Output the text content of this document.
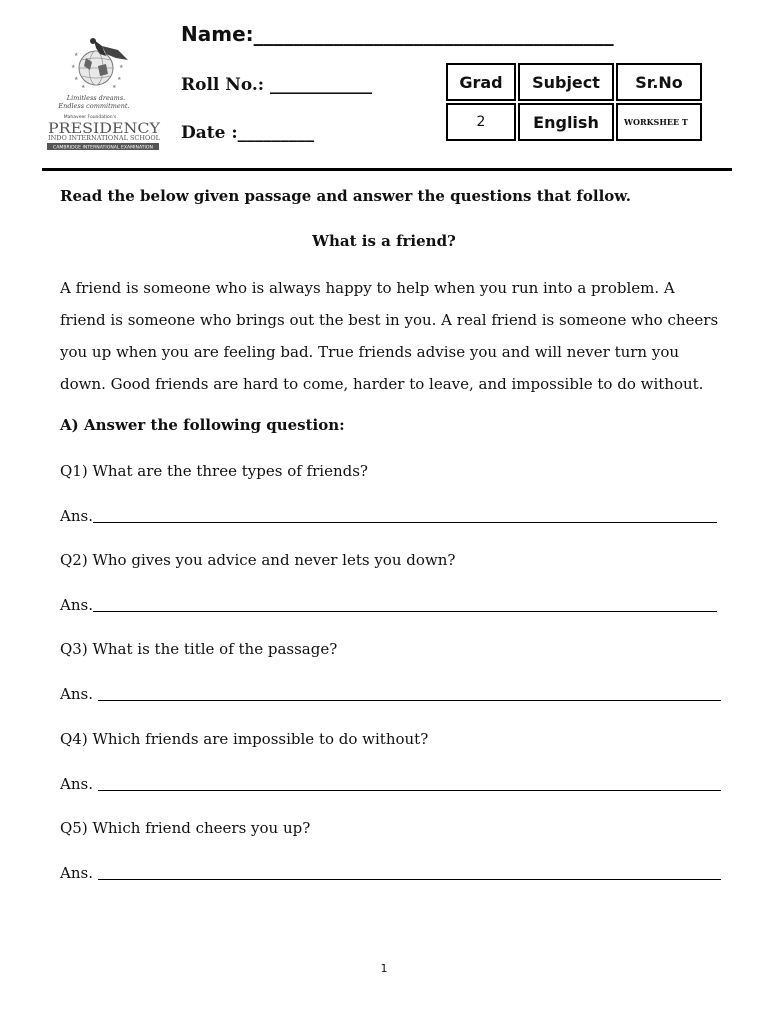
★
★
★
★	★
★
★
Limitless dreams.
Endless commitment.
Mahaveer Foundation's
PRESIDENCY
INDO INTERNATIONAL SCHOOL
CAMBRIDGE INTERNATIONAL EXAMINATION
Name:____________________________________
Roll No.: ____________
Date :_________
Grad	Subject	Sr.No
2	English	WORKSHEE T
Read the below given passage and answer the questions that follow.
What is a friend?

A friend is someone who is always happy to help when you run into a problem. A friend is someone who brings out the best in you. A real friend is someone who cheers you up when you are feeling bad. True friends advise you and will never turn you down. Good friends are hard to come, harder to leave, and impossible to do without.

A) Answer the following question:
Q1) What are the three types of friends?
Ans.
Q2) Who gives you advice and never lets you down?
Ans.
Q3) What is the title of the passage?
Ans.
Q4) Which friends are impossible to do without?
Ans.
Q5) Which friend cheers you up?
Ans.
1
